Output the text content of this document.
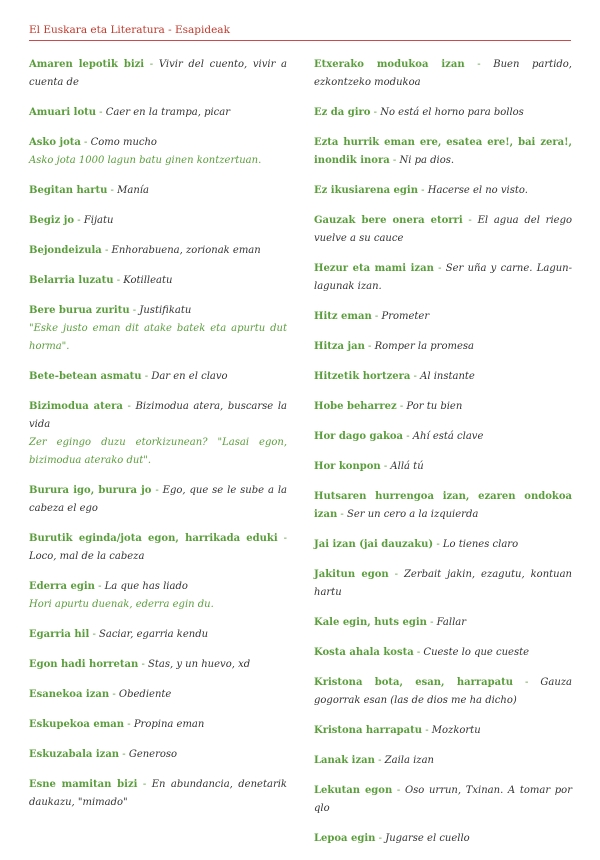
El Euskara eta Literatura - Esapideak
Amaren lepotik bizi - Vivir del cuento, vivir a cuenta de
Amuari lotu - Caer en la trampa, picar
Asko jota - Como mucho
Asko jota 1000 lagun batu ginen kontzertuan.
Begitan hartu - Manía
Begiz jo - Fijatu
Bejondeizula - Enhorabuena, zorionak eman
Belarria luzatu - Kotilleatu
Bere burua zuritu - Justifikatu
"Eske justo eman dit atake batek eta apurtu dut horma".
Bete-betean asmatu - Dar en el clavo
Bizimodua atera - Bizimodua atera, buscarse la vida
Zer egingo duzu etorkizunean? "Lasai egon, bizimodua aterako dut".
Burura igo, burura jo - Ego, que se le sube a la cabeza el ego
Burutik eginda/jota egon, harrikada eduki - Loco, mal de la cabeza
Ederra egin - La que has liado
Hori apurtu duenak, ederra egin du.
Egarria hil - Saciar, egarria kendu
Egon hadi horretan - Stas, y un huevo, xd
Esanekoa izan - Obediente
Eskupekoa eman - Propina eman
Eskuzabala izan - Generoso
Esne mamitan bizi - En abundancia, denetarik daukazu, "mimado"
Etxerako modukoa izan - Buen partido, ezkontzeko modukoa
Ez da giro - No está el horno para bollos
Ezta hurrik eman ere, esatea ere!, bai zera!, inondik inora - Ni pa dios.
Ez ikusiarena egin - Hacerse el no visto.
Gauzak bere onera etorri - El agua del riego vuelve a su cauce
Hezur eta mami izan - Ser uña y carne. Lagun-lagunak izan.
Hitz eman - Prometer
Hitza jan - Romper la promesa
Hitzetik hortzera - Al instante
Hobe beharrez - Por tu bien
Hor dago gakoa - Ahí está clave
Hor konpon - Allá tú
Hutsaren hurrengoa izan, ezaren ondokoa izan - Ser un cero a la izquierda
Jai izan (jai dauzaku) - Lo tienes claro
Jakitun egon - Zerbait jakin, ezagutu, kontuan hartu
Kale egin, huts egin - Fallar
Kosta ahala kosta - Cueste lo que cueste
Kristona bota, esan, harrapatu - Gauza gogorrak esan (las de dios me ha dicho)
Kristona harrapatu - Mozkortu
Lanak izan - Zaila izan
Lekutan egon - Oso urrun, Txinan. A tomar por qlo
Lepoa egin - Jugarse el cuello
